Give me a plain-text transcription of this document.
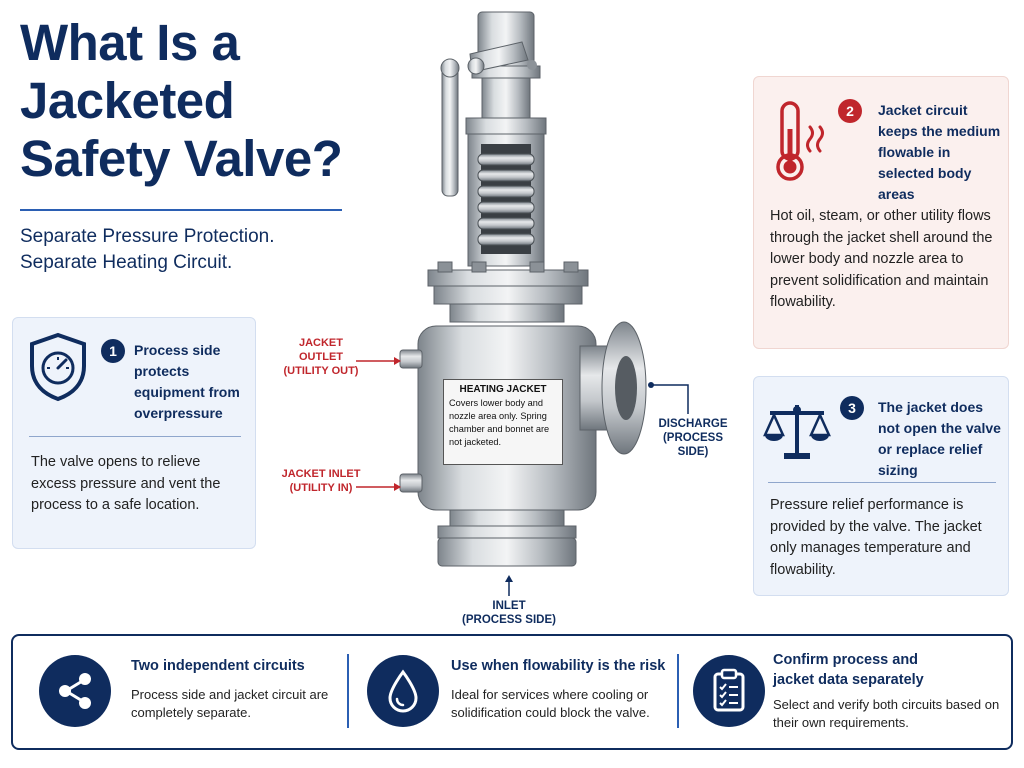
What Is a Jacketed Safety Valve?
Separate Pressure Protection.
Separate Heating Circuit.
1	Process side protects equipment from overpressure
The valve opens to relieve excess pressure and vent the process to a safe location.
2	Jacket circuit keeps the medium flowable in selected body areas
Hot oil, steam, or other utility flows through the jacket shell around the lower body and nozzle area to prevent solidification and maintain flowability.
3	The jacket does not open the valve or replace relief sizing
Pressure relief performance is provided by the valve. The jacket only manages temperature and flowability.
HEATING JACKET
Covers lower body and nozzle area only. Spring chamber and bonnet are not jacketed.
JACKET OUTLET
(UTILITY OUT)
JACKET INLET
(UTILITY IN)
DISCHARGE
(PROCESS SIDE)
INLET
(PROCESS SIDE)
Two independent circuits
Process side and jacket circuit are completely separate.
Use when flowability is the risk
Ideal for services where cooling or solidification could block the valve.
Confirm process and jacket data separately
Select and verify both circuits based on their own requirements.
